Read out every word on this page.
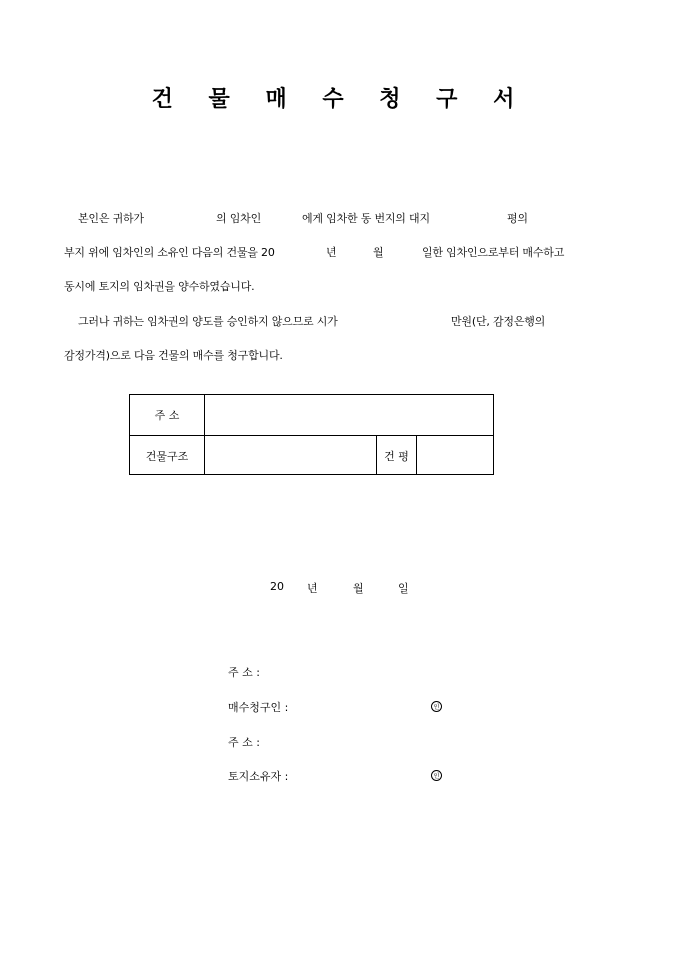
건 물 매 수 청 구 서
본인은 귀하가	의 임차인	에게 임차한 동 번지의 대지	평의
부지 위에 임차인의 소유인 다음의 건물을 20	년	월	일한 임차인으로부터 매수하고
동시에 토지의 임차권을 양수하였습니다.
그러나 귀하는 임차권의 양도를 승인하지 않으므로 시가	만원(단, 감정은행의
감정가격)으로 다음 건물의 매수를 청구합니다.
주 소
건물구조	건 평
20 년	월	일
주 소 :
매수청구인 :	인
주 소 :
토지소유자 :	인
